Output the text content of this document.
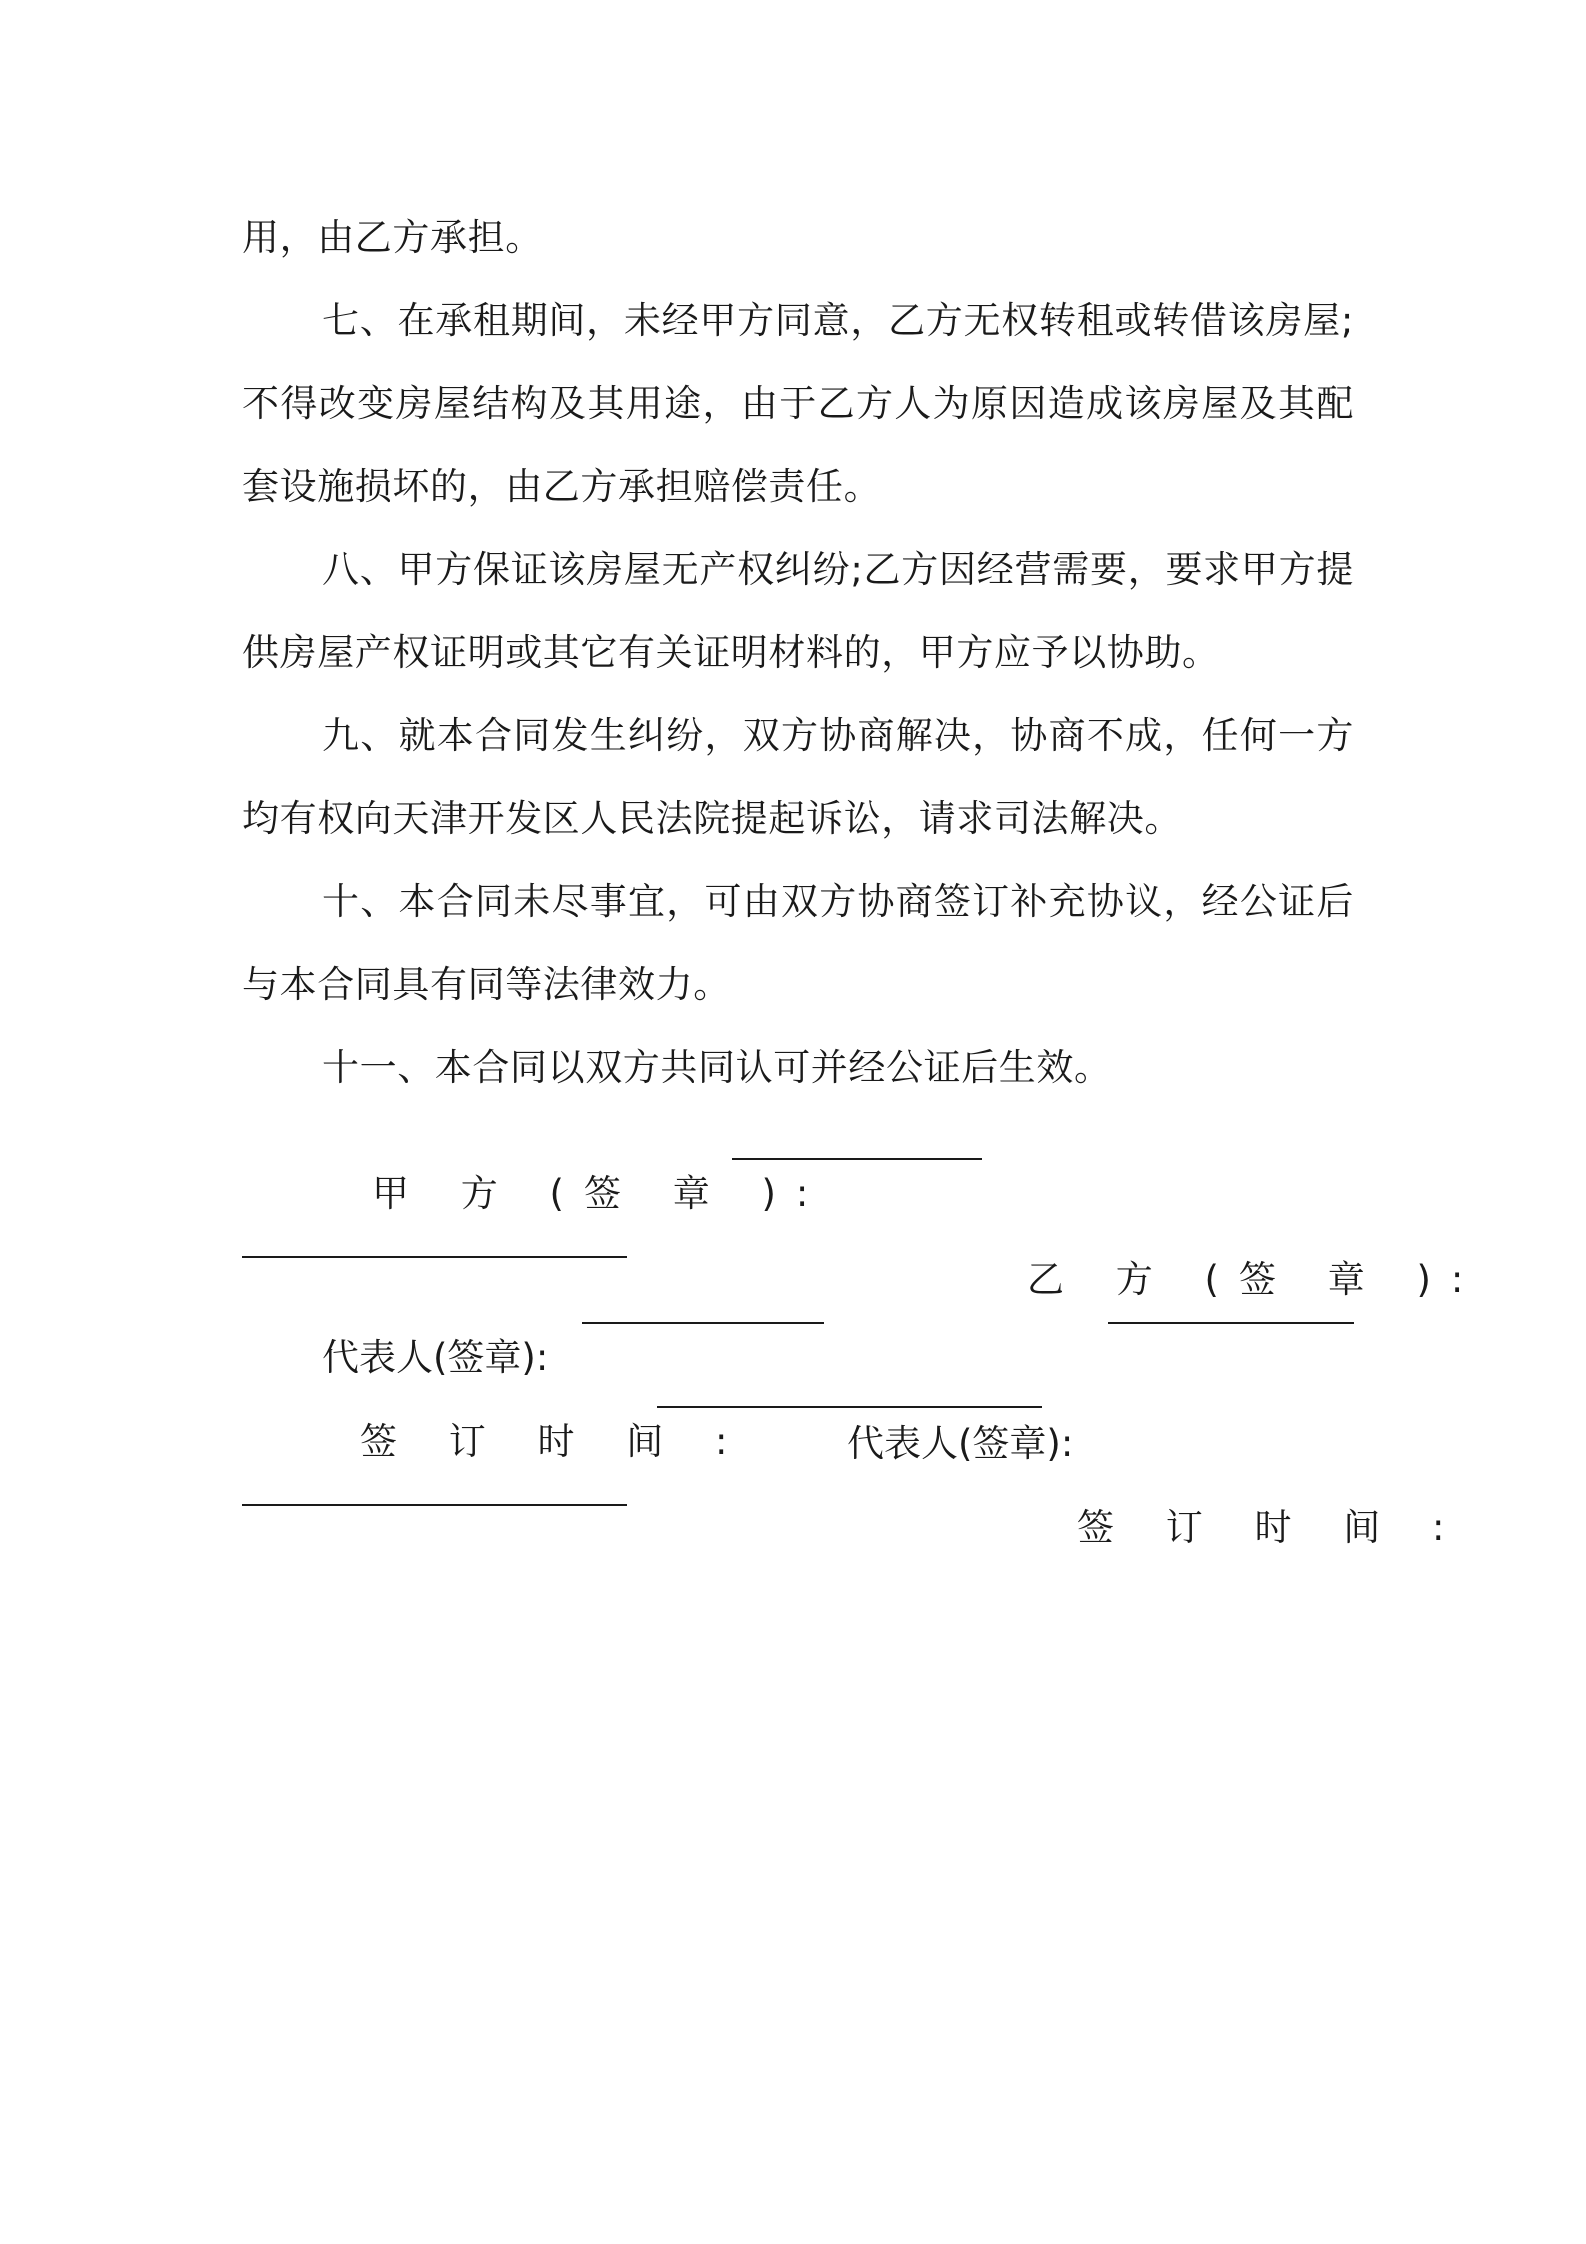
用，由乙方承担。

七、在承租期间，未经甲方同意，乙方无权转租或转借该房屋;不得改变房屋结构及其用途，由于乙方人为原因造成该房屋及其配套设施损坏的，由乙方承担赔偿责任。

八、甲方保证该房屋无产权纠纷;乙方因经营需要，要求甲方提供房屋产权证明或其它有关证明材料的，甲方应予以协助。

九、就本合同发生纠纷，双方协商解决，协商不成，任何一方均有权向天津开发区人民法院提起诉讼，请求司法解决。

十、本合同未尽事宜，可由双方协商签订补充协议，经公证后与本合同具有同等法律效力。

十一、本合同以双方共同认可并经公证后生效。

甲 方 (签 章 ):

乙 方 (签 章 ):

代表人(签章):

代表人(签章):

签 订 时 间 :

签 订 时 间 :
